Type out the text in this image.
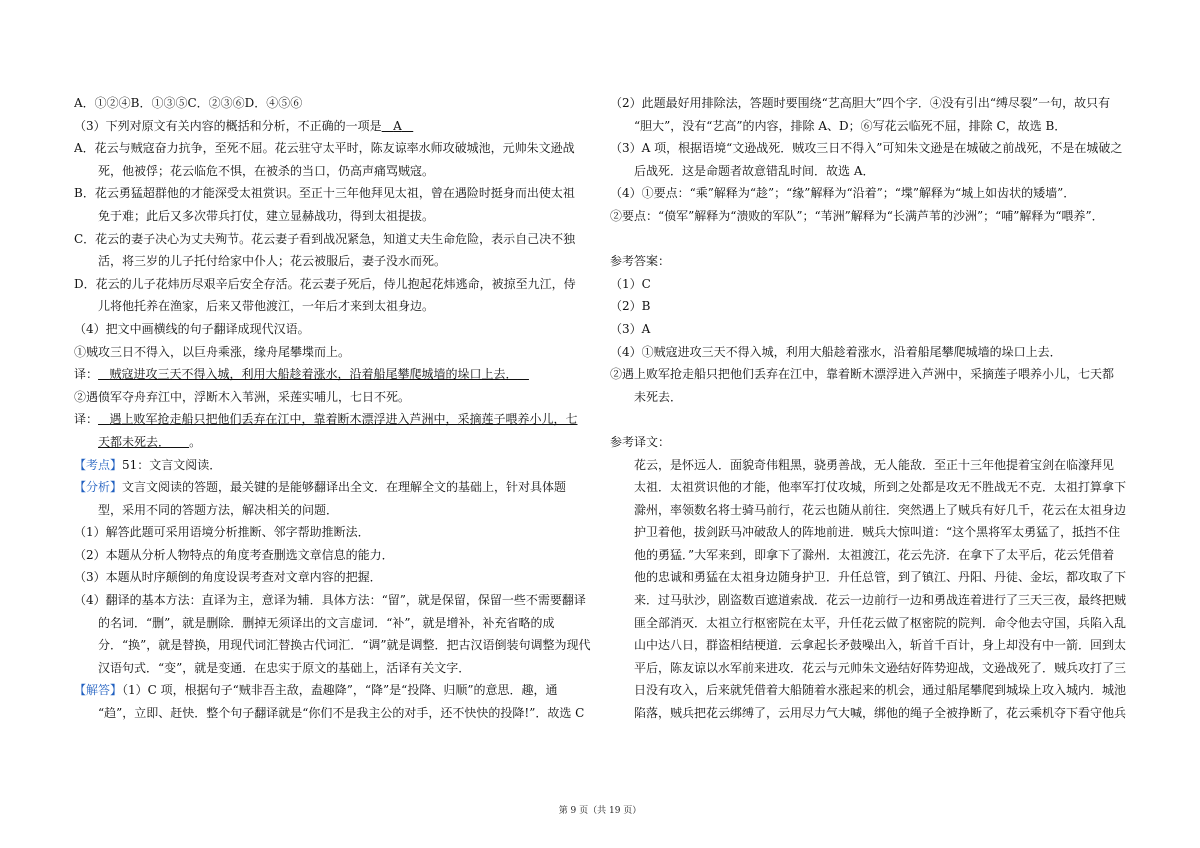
A．①②④B．①③⑤C．②③⑥D．④⑤⑥
（3）下列对原文有关内容的概括和分析，不正确的一项是 A
A．花云与贼寇奋力抗争，至死不屈。花云驻守太平时，陈友谅率水师攻破城池，元帅朱文逊战
死，他被俘；花云临危不惧，在被杀的当口，仍高声痛骂贼寇。
B．花云勇猛超群他的才能深受太祖赏识。至正十三年他拜见太祖，曾在遇险时挺身而出使太祖
免于难；此后又多次带兵打仗，建立显赫战功，得到太祖提拔。
C．花云的妻子决心为丈夫殉节。花云妻子看到战况紧急，知道丈夫生命危险，表示自己决不独
活，将三岁的儿子托付给家中仆人；花云被服后，妻子没水而死。
D．花云的儿子花炜历尽艰辛后安全存活。花云妻子死后，侍儿抱起花炜逃命，被掠至九江，侍
儿将他托养在渔家，后来又带他渡江，一年后才来到太祖身边。
（4）把文中画横线的句子翻译成现代汉语。
①贼攻三日不得入，以巨舟乘涨，缘舟尾攀堞而上。
译： 贼寇进攻三天不得入城，利用大船趁着涨水，沿着船尾攀爬城墙的垛口上去．
②遇偾军夺舟弃江中，浮断木入苇洲，采莲实哺儿，七日不死。
译： 遇上败军抢走船只把他们丢弃在江中，靠着断木漂浮进入芦洲中，采摘莲子喂养小儿，七
天都未死去． 。
【考点】51：文言文阅读．
【分析】文言文阅读的答题，最关键的是能够翻译出全文．在理解全文的基础上，针对具体题
型，采用不同的答题方法，解决相关的问题．
（1）解答此题可采用语境分析推断、邻字帮助推断法．
（2）本题从分析人物特点的角度考查删选文章信息的能力．
（3）本题从时序颠倒的角度设误考查对文章内容的把握．
（4）翻译的基本方法：直译为主，意译为辅．具体方法：“留”，就是保留，保留一些不需要翻译
的名词．“删”，就是删除．删掉无须译出的文言虚词．“补”，就是增补，补充省略的成
分．“换”，就是替换，用现代词汇替换古代词汇．“调”就是调整．把古汉语倒装句调整为现代
汉语句式．“变”，就是变通．在忠实于原文的基础上，活译有关文字．
【解答】（1）C 项，根据句子“贼非吾主敌，盍趣降”，“降”是“投降、归顺”的意思．趣，通
“趋”，立即、赶快．整个句子翻译就是“你们不是我主公的对手，还不快快的投降!”．故选 C
（2）此题最好用排除法，答题时要围绕“艺高胆大”四个字．④没有引出“缚尽裂”一句，故只有
“胆大”，没有“艺高”的内容，排除 A、D；⑥写花云临死不屈，排除 C，故选 B．
（3）A 项，根据语境“文逊战死．贼攻三日不得入”可知朱文逊是在城破之前战死，不是在城破之
后战死．这是命题者故意错乱时间．故选 A．
（4）①要点：“乘”解释为“趁”；“缘”解释为“沿着”；“堞”解释为“城上如齿状的矮墙”．
②要点：“偾军”解释为“溃败的军队”；“苇洲”解释为“长满芦苇的沙洲”；“哺”解释为“喂养”．
参考答案：
（1）C
（2）B
（3）A
（4）①贼寇进攻三天不得入城，利用大船趁着涨水，沿着船尾攀爬城墙的垛口上去．
②遇上败军抢走船只把他们丢弃在江中，靠着断木漂浮进入芦洲中，采摘莲子喂养小儿，七天都
未死去．
参考译文：
花云，是怀远人．面貌奇伟粗黑，骁勇善战，无人能敌．至正十三年他提着宝剑在临濠拜见
太祖．太祖赏识他的才能，他率军打仗攻城，所到之处都是攻无不胜战无不克．太祖打算拿下
滁州，率领数名将士骑马前行，花云也随从前往．突然遇上了贼兵有好几千，花云在太祖身边
护卫着他，拔剑跃马冲破敌人的阵地前进．贼兵大惊叫道：“这个黑将军太勇猛了，抵挡不住
他的勇猛．”大军来到，即拿下了滁州．太祖渡江，花云先济．在拿下了太平后，花云凭借着
他的忠诚和勇猛在太祖身边随身护卫．升任总管，到了镇江、丹阳、丹徒、金坛，都攻取了下
来．过马驮沙，剧盗数百遮道索战．花云一边前行一边和勇战连着进行了三天三夜，最终把贼
匪全部消灭．太祖立行枢密院在太平，升任花云做了枢密院的院判．命令他去守国，兵陷入乱
山中达八日，群盗相结梗道．云拿起长矛鼓噪出入，斩首千百计，身上却没有中一箭．回到太
平后，陈友谅以水军前来进攻．花云与元帅朱文逊结好阵势迎战，文逊战死了．贼兵攻打了三
日没有攻入，后来就凭借着大船随着水涨起来的机会，通过船尾攀爬到城垛上攻入城内．城池
陷落，贼兵把花云绑缚了，云用尽力气大喊，绑他的绳子全被挣断了，花云乘机夺下看守他兵
第 9 页（共 19 页）
